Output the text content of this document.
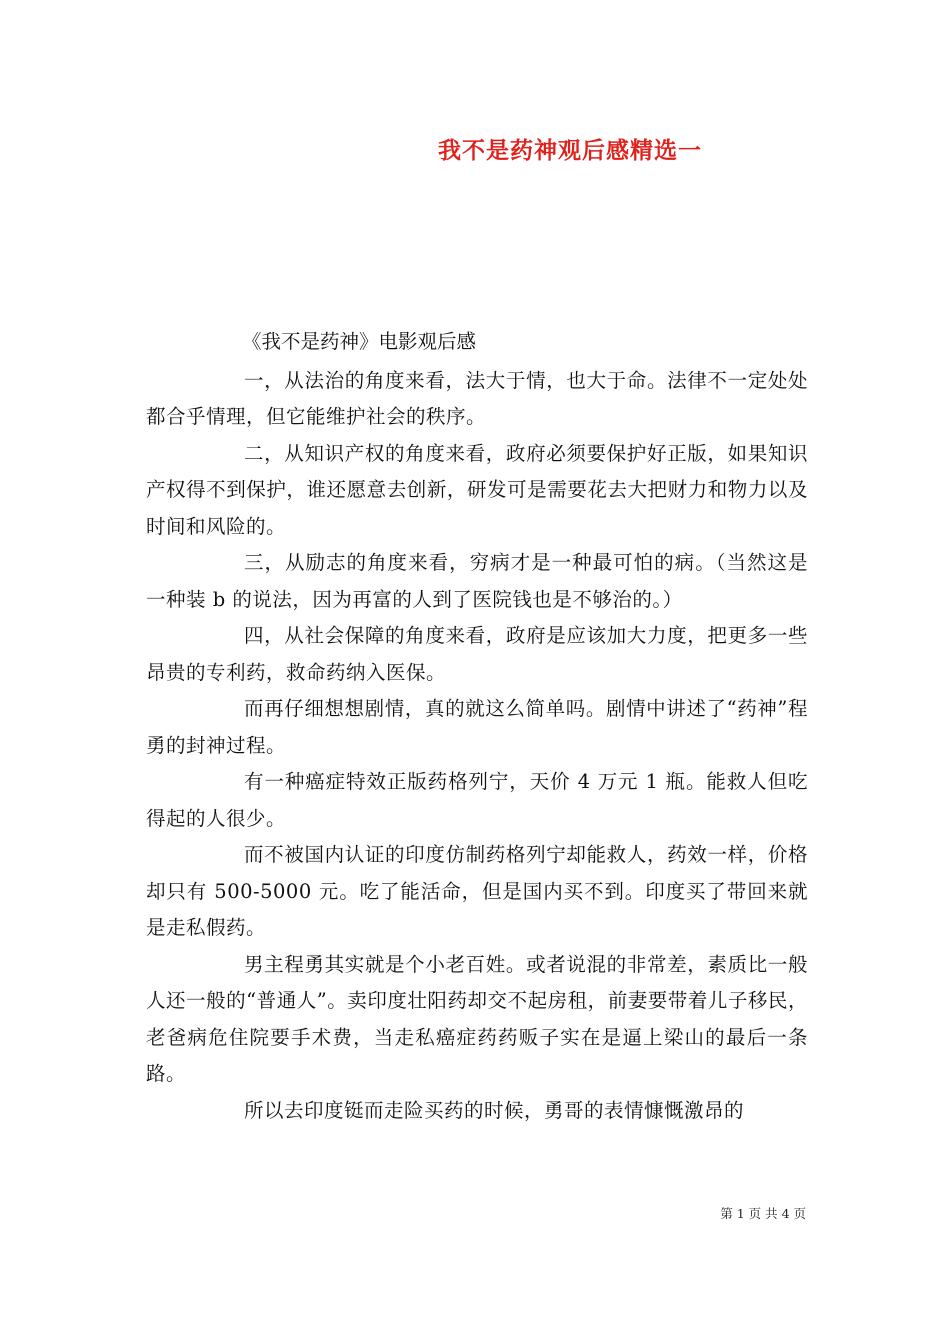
我不是药神观后感精选一
《我不是药神》电影观后感

一，从法治的角度来看，法大于情，也大于命。法律不一定处处都合乎情理，但它能维护社会的秩序。

二，从知识产权的角度来看，政府必须要保护好正版，如果知识产权得不到保护，谁还愿意去创新，研发可是需要花去大把财力和物力以及时间和风险的。

三，从励志的角度来看，穷病才是一种最可怕的病。（当然这是一种装 b 的说法，因为再富的人到了医院钱也是不够治的。）

四，从社会保障的角度来看，政府是应该加大力度，把更多一些昂贵的专利药，救命药纳入医保。

而再仔细想想剧情，真的就这么简单吗。剧情中讲述了“药神”程勇的封神过程。

有一种癌症特效正版药格列宁，天价 4 万元 1 瓶。能救人但吃得起的人很少。

而不被国内认证的印度仿制药格列宁却能救人，药效一样，价格却只有 500-5000 元。吃了能活命，但是国内买不到。印度买了带回来就是走私假药。

男主程勇其实就是个小老百姓。或者说混的非常差，素质比一般人还一般的“普通人”。卖印度壮阳药却交不起房租，前妻要带着儿子移民，老爸病危住院要手术费，当走私癌症药药贩子实在是逼上梁山的最后一条路。

所以去印度铤而走险买药的时候，勇哥的表情慷慨激昂的

第 1 页 共 4 页
